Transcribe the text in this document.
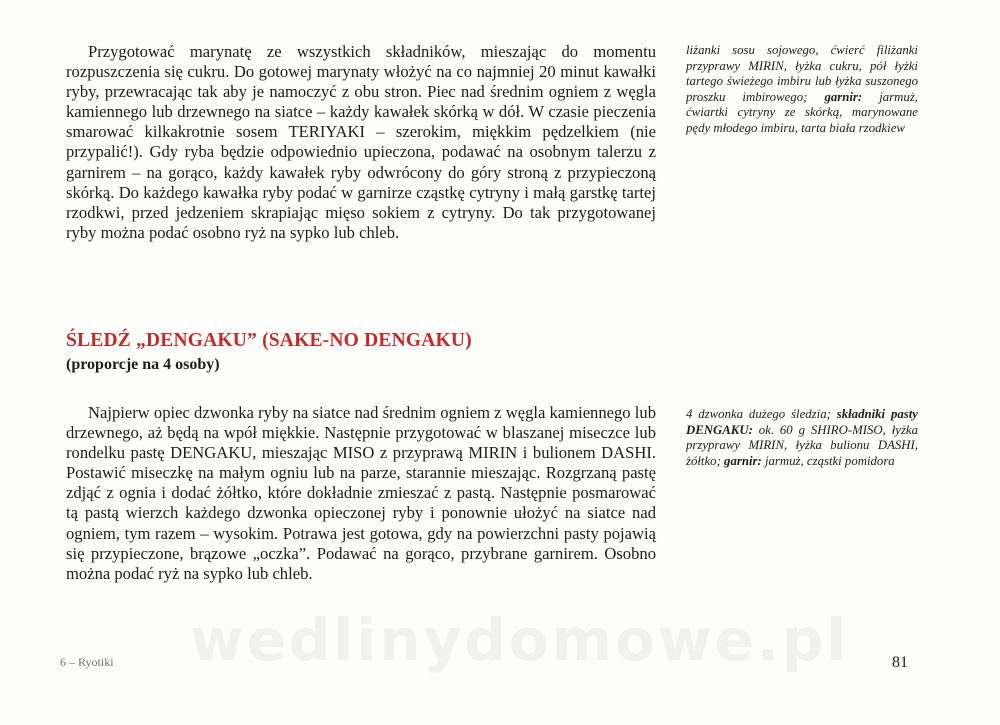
Przygotować marynatę ze wszystkich składników, mieszając do momentu rozpuszczenia się cukru. Do gotowej marynaty włożyć na co najmniej 20 minut kawałki ryby, przewracając tak aby je namoczyć z obu stron. Piec nad średnim ogniem z węgla kamiennego lub drzewnego na siatce – każdy kawałek skórką w dół. W czasie pieczenia smarować kilkakrotnie sosem TERIYAKI – szerokim, miękkim pędzelkiem (nie przypalić!). Gdy ryba będzie odpowiednio upieczona, podawać na osobnym talerzu z garnirem – na gorąco, każdy kawałek ryby odwrócony do góry stroną z przypieczoną skórką. Do każdego kawałka ryby podać w garnirze cząstkę cytryny i małą garstkę tartej rzodkwi, przed jedzeniem skrapiając mięso sokiem z cytryny. Do tak przygotowanej ryby można podać osobno ryż na sypko lub chleb.

liżanki sosu sojowego, ćwierć filiżanki przyprawy MIRIN, łyżka cukru, pół łyżki tartego świeżego imbiru lub łyżka suszonego proszku imbirowego; garnir: jarmuż, ćwiartki cytryny ze skórką, marynowane pędy młodego imbiru, tarta biała rzodkiew
ŚLEDŹ „DENGAKU” (SAKE-NO DENGAKU)
(proporcje na 4 osoby)

Najpierw opiec dzwonka ryby na siatce nad średnim ogniem z węgla kamiennego lub drzewnego, aż będą na wpół miękkie. Następnie przygotować w blaszanej miseczce lub rondelku pastę DENGAKU, mieszając MISO z przyprawą MIRIN i bulionem DASHI. Postawić miseczkę na małym ogniu lub na parze, starannie mieszając. Rozgrzaną pastę zdjąć z ognia i dodać żółtko, które dokładnie zmieszać z pastą. Następnie posmarować tą pastą wierzch każdego dzwonka opieczonej ryby i ponownie ułożyć na siatce nad ogniem, tym razem – wysokim. Potrawa jest gotowa, gdy na powierzchni pasty pojawią się przypieczone, brązowe „oczka”. Podawać na gorąco, przybrane garnirem. Osobno można podać ryż na sypko lub chleb.

4 dzwonka dużego śledzia; składniki pasty DENGAKU: ok. 60 g SHIRO-MISO, łyżka przyprawy MIRIN, łyżka bulionu DASHI, żółtko; garnir: jarmuż, cząstki pomidora
6 – Ryotiki	81
wedlinydomowe.pl
